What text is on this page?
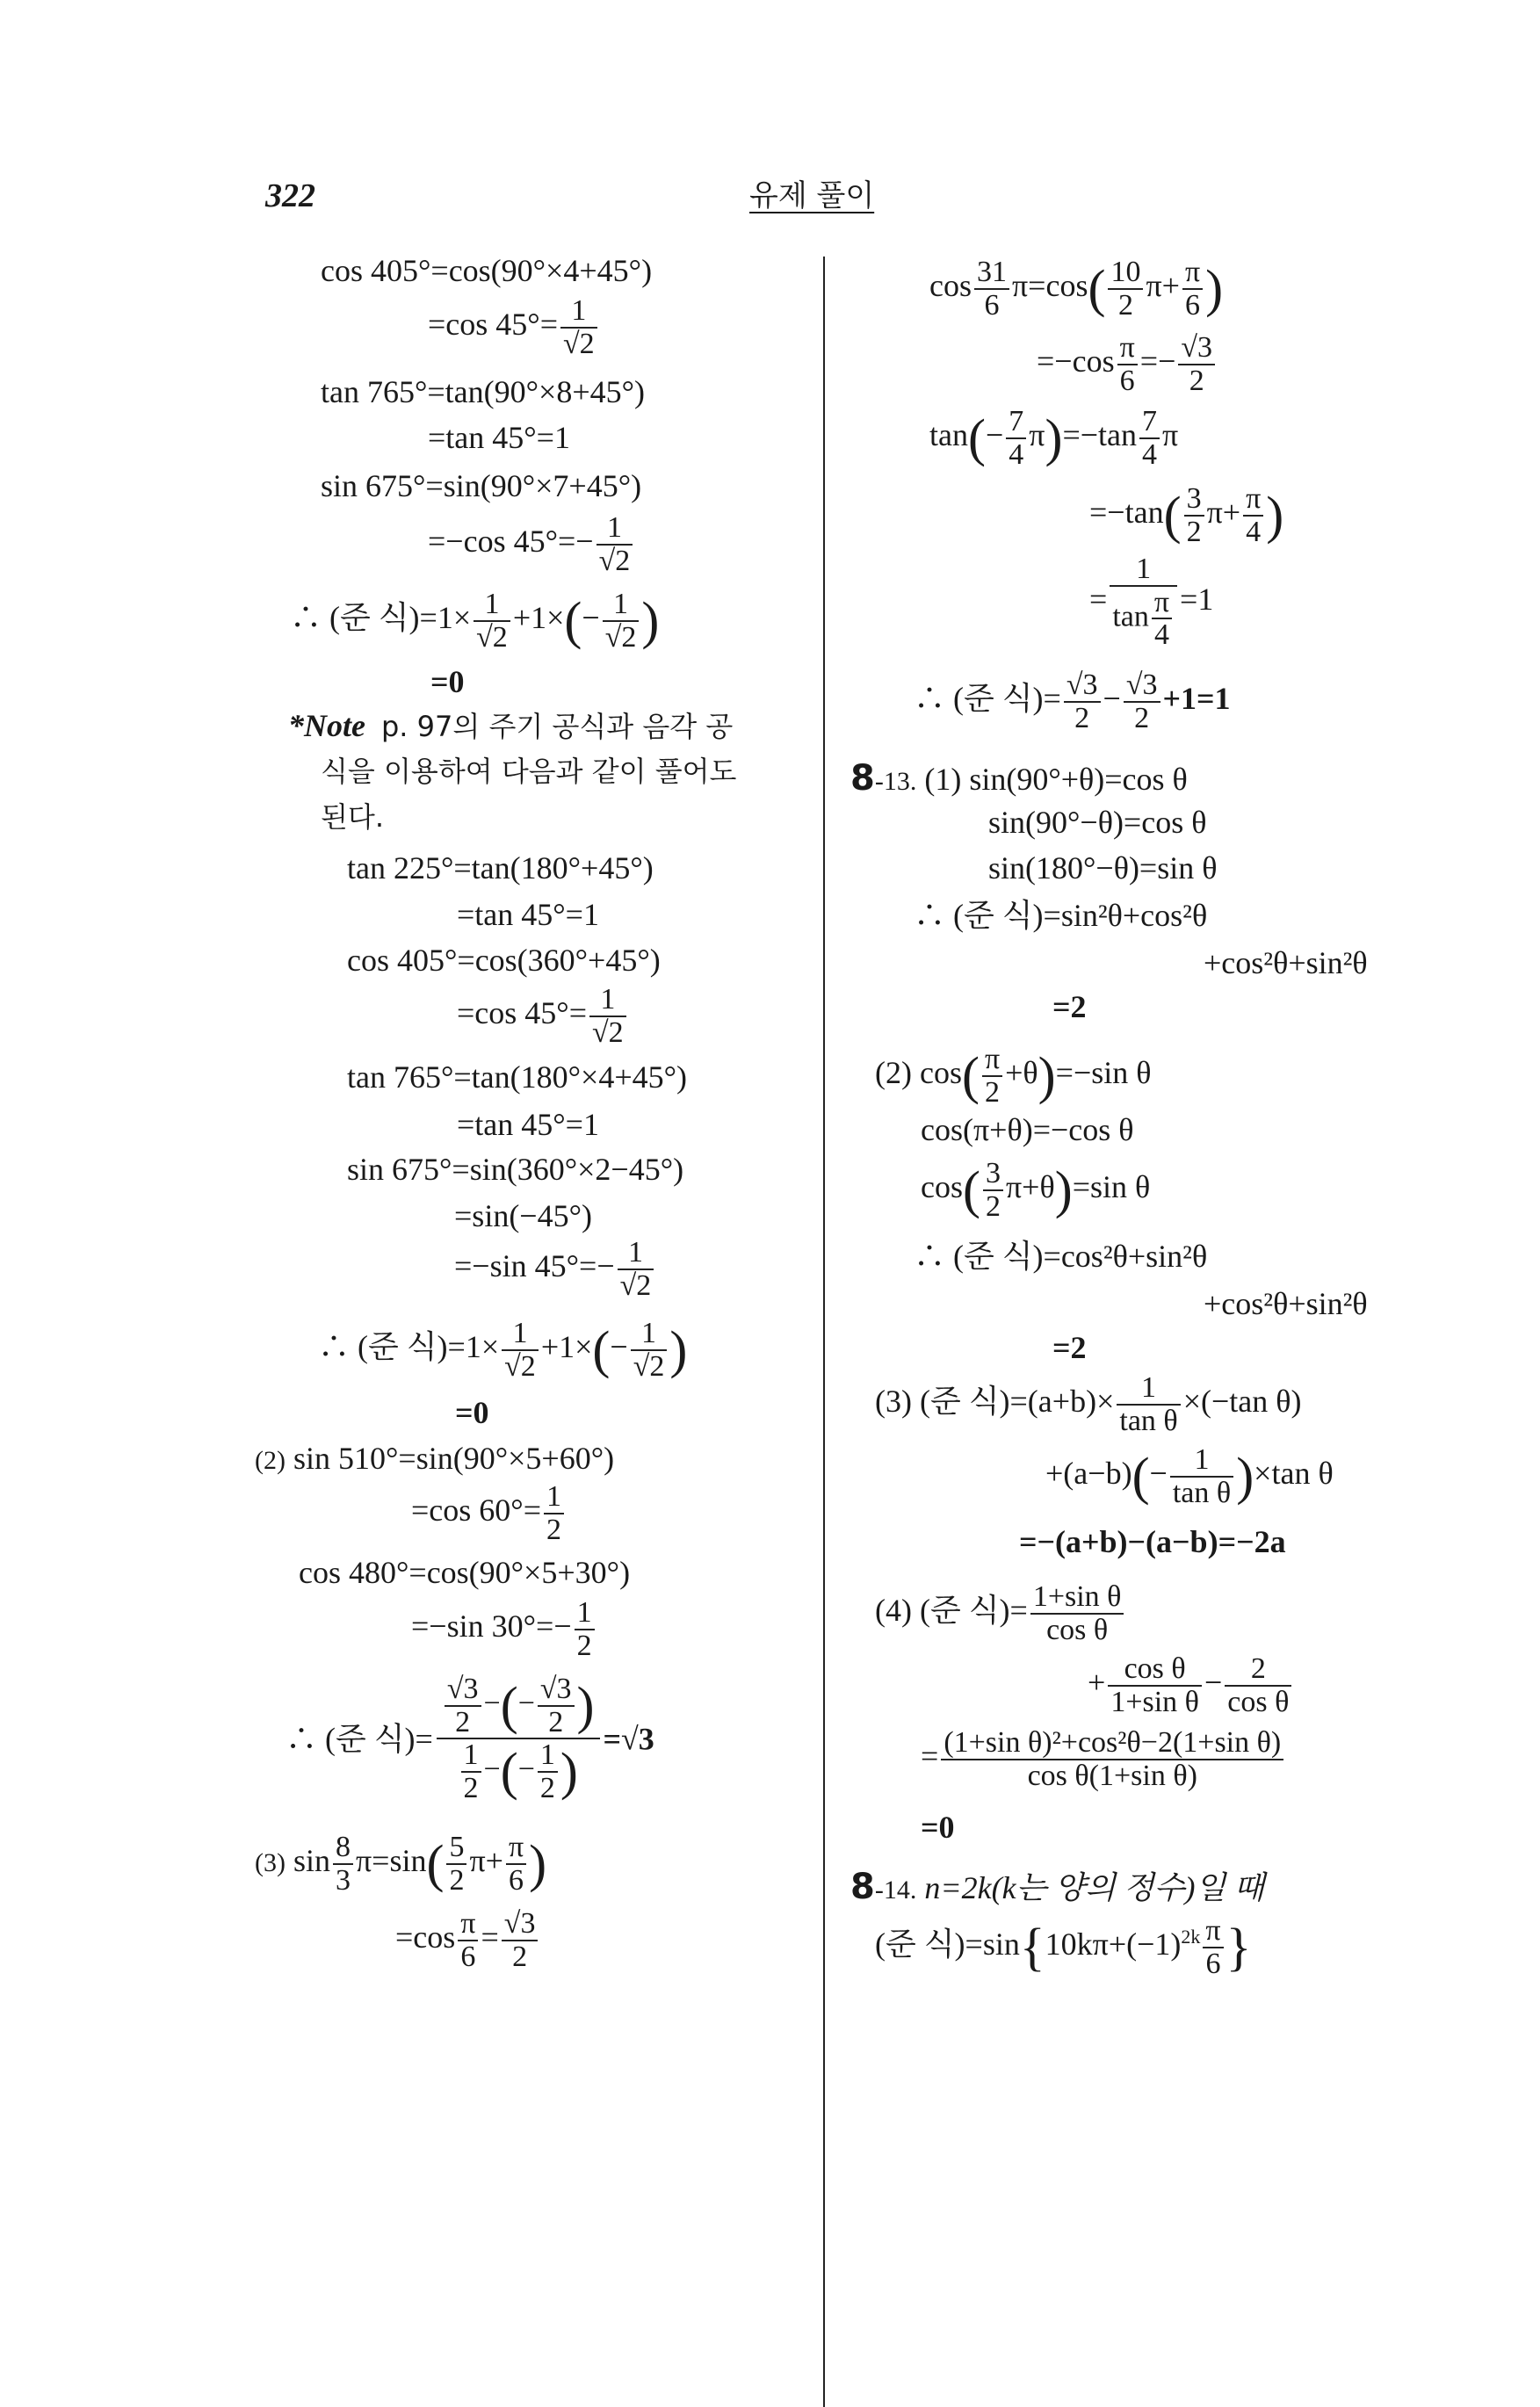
322	유제 풀이
cos 405°=cos(90°×4+45°)
=cos $45^\circ= \frac{1}{√2}$
tan 765°=tan(90°×8+45°)
=tan 45°=1
sin 675°=sin(90°×7+45°)
=−cos $45^\circ=- \frac{1}{√2}$
∴ (준 식)$=1\times \frac{1}{√2} +1\times(- \frac{1}{√2}$ )
=0
*Note p. 97의 주기 공식과 음각 공
식을 이용하여 다음과 같이 풀어도
된다.
tan 225°=tan(180°+45°)
=tan 45°=1
cos 405°=cos(360°+45°)
=cos $45^\circ= \frac{1}{√2}$
tan 765°=tan(180°×4+45°)
=tan 45°=1
sin 675°=sin(360°×2−45°)
=sin(−45°)
=−sin $45^\circ=- \frac{1}{√2}$
∴ (준 식)$=1\times \frac{1}{√2} +1\times(- \frac{1}{√2}$ )
=0
(2) sin 510°=sin(90°×5+60°)
=cos $60^\circ= \frac{1}{2}$
cos 480°=cos(90°×5+30°)
=−sin $30^\circ=- \frac{1}{2}$
∴ (준 식)= $\frac{\frac{√3}{2} -(- \frac{√3}{2} )}{\frac{1}{2} -(- \frac{1}{2} )} =√3$
(3) $\sin \frac{8}{3} \pi=\sin( \frac{5}{2} \pi+ \frac{\pi}{6}$ )
$=\cos \frac{\pi}{6} = \frac{√3}{2}$
$\cos \frac{31}{6} \pi=\cos( \frac{10}{2} \pi+ \frac{\pi}{6}$ )
$=-\cos \frac{\pi}{6} =- \frac{√3}{2}$
$\tan(- \frac{7}{4} \pi)=-\tan \frac{7}{4}$ π
$=-\tan( \frac{3}{2} \pi+ \frac{\pi}{4}$ )
= $\frac{1}{\tan \frac{\pi}{4}} =1$
∴ (준 식)= $\frac{√3}{2} - \frac{√3}{2} +1=1$
8-13. (1) sin(90°+θ)=cos θ
sin(90°−θ)=cos θ
sin(180°−θ)=sin θ
∴ (준 식)=sin²θ+cos²θ
+cos²θ+sin²θ
=2
(2) $\cos( \frac{\pi}{2} +\theta)=-\sin$ θ
cos(π+θ)=−cos θ
$\cos( \frac{3}{2} \pi+\theta)=\sin$ θ
∴ (준 식)=cos²θ+sin²θ
+cos²θ+sin²θ
=2
(3) (준 식)$=(a+b)\times \frac{1}{\text{tan θ}} \times(-\tan$ θ)
$+(a-b)(- \frac{1}{\text{tan θ}} )\times\tan$ θ
=−(a+b)−(a−b)=−2a
(4) (준 식)= $\frac{\text{1+sin θ}}{\text{cos θ}}$
+ $\frac{\text{cos θ}}{\text{1+sin θ}} - \frac{2}{\text{cos θ}}$
= $\frac{\text{(1+sin θ)²+cos²θ−2(1+sin θ)}}{\text{cos θ(1+sin θ)}}$
=0
8-14. n=2k(k는 양의 정수)일 때
(준 식)$=\sin\{10k\pi+(-1)^{2k} \frac{\pi}{6}$ }
